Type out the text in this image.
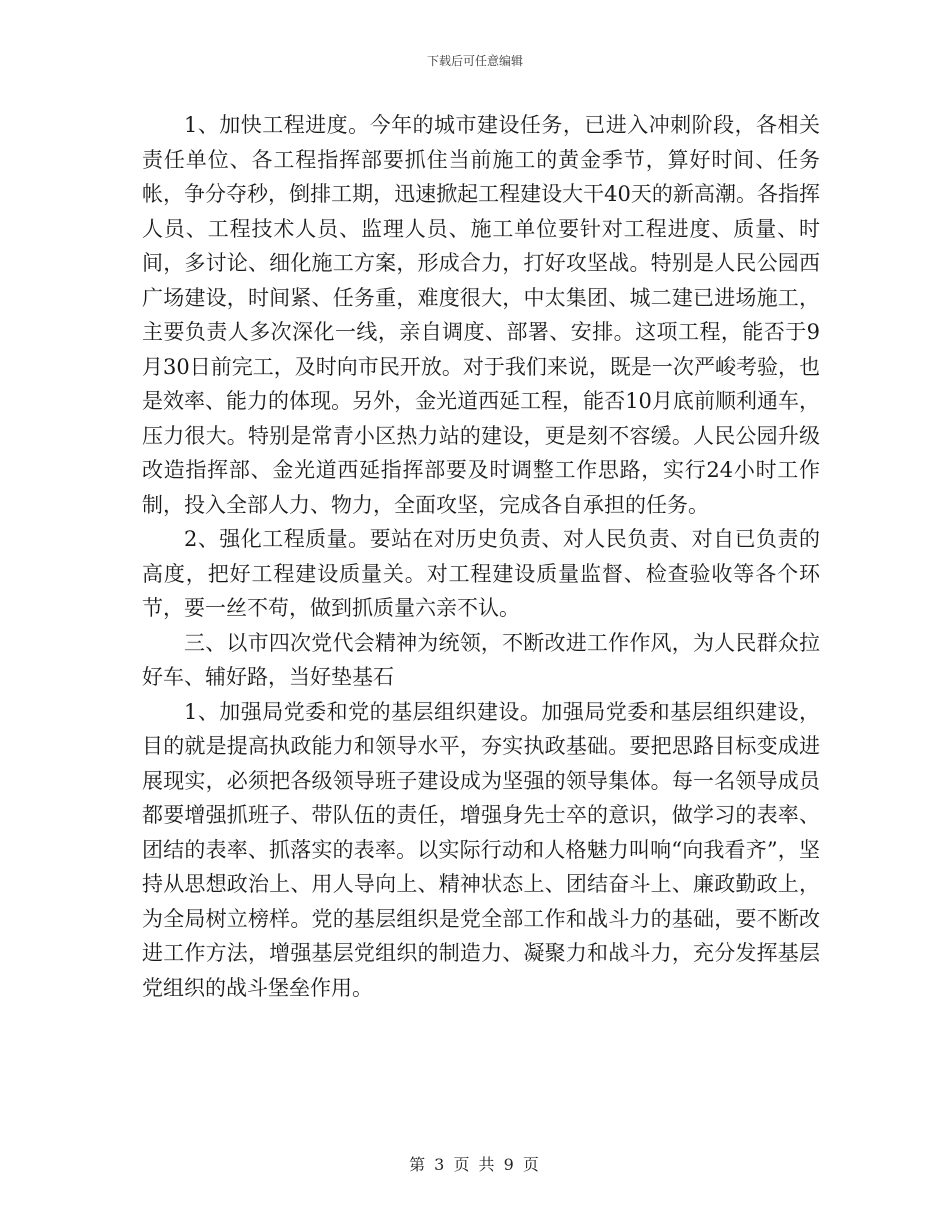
下载后可任意编辑

1、加快工程进度。今年的城市建设任务，已进入冲刺阶段，各相关责任单位、各工程指挥部要抓住当前施工的黄金季节，算好时间、任务帐，争分夺秒，倒排工期，迅速掀起工程建设大干40天的新高潮。各指挥人员、工程技术人员、监理人员、施工单位要针对工程进度、质量、时间，多讨论、细化施工方案，形成合力，打好攻坚战。特别是人民公园西广场建设，时间紧、任务重，难度很大，中太集团、城二建已进场施工，主要负责人多次深化一线，亲自调度、部署、安排。这项工程，能否于9月30日前完工，及时向市民开放。对于我们来说，既是一次严峻考验，也是效率、能力的体现。另外，金光道西延工程，能否10月底前顺利通车，压力很大。特别是常青小区热力站的建设，更是刻不容缓。人民公园升级改造指挥部、金光道西延指挥部要及时调整工作思路，实行24小时工作制，投入全部人力、物力，全面攻坚，完成各自承担的任务。

2、强化工程质量。要站在对历史负责、对人民负责、对自已负责的高度，把好工程建设质量关。对工程建设质量监督、检查验收等各个环节，要一丝不苟，做到抓质量六亲不认。

三、以市四次党代会精神为统领，不断改进工作作风，为人民群众拉好车、辅好路，当好垫基石

1、加强局党委和党的基层组织建设。加强局党委和基层组织建设，目的就是提高执政能力和领导水平，夯实执政基础。要把思路目标变成进展现实，必须把各级领导班子建设成为坚强的领导集体。每一名领导成员都要增强抓班子、带队伍的责任，增强身先士卒的意识，做学习的表率、团结的表率、抓落实的表率。以实际行动和人格魅力叫响“向我看齐”，坚持从思想政治上、用人导向上、精神状态上、团结奋斗上、廉政勤政上，为全局树立榜样。党的基层组织是党全部工作和战斗力的基础，要不断改进工作方法，增强基层党组织的制造力、凝聚力和战斗力，充分发挥基层党组织的战斗堡垒作用。

第 3 页 共 9 页
